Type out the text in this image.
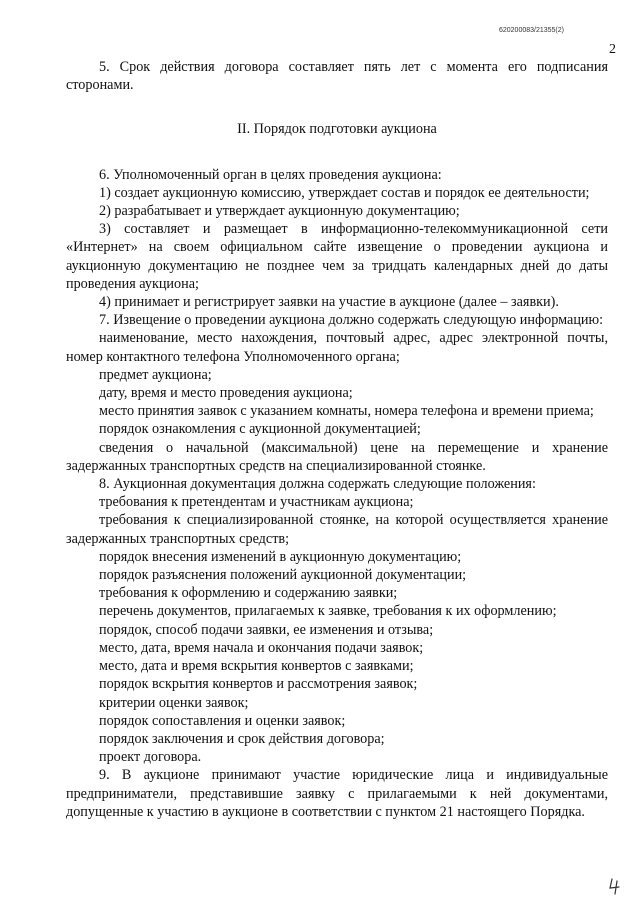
620200083/21355(2)
2

5. Срок действия договора составляет пять лет с момента его подписания сторонами.

II. Порядок подготовки аукциона

6. Уполномоченный орган в целях проведения аукциона:

1) создает аукционную комиссию, утверждает состав и порядок ее деятельности;

2) разрабатывает и утверждает аукционную документацию;

3) составляет и размещает в информационно-телекоммуникационной сети «Интернет» на своем официальном сайте извещение о проведении аукциона и аукционную документацию не позднее чем за тридцать календарных дней до даты проведения аукциона;

4) принимает и регистрирует заявки на участие в аукционе (далее – заявки).

7. Извещение о проведении аукциона должно содержать следующую информацию:

наименование, место нахождения, почтовый адрес, адрес электронной почты, номер контактного телефона Уполномоченного органа;

предмет аукциона;

дату, время и место проведения аукциона;

место принятия заявок с указанием комнаты, номера телефона и времени приема;

порядок ознакомления с аукционной документацией;

сведения о начальной (максимальной) цене на перемещение и хранение задержанных транспортных средств на специализированной стоянке.

8. Аукционная документация должна содержать следующие положения:

требования к претендентам и участникам аукциона;

требования к специализированной стоянке, на которой осуществляется хранение задержанных транспортных средств;

порядок внесения изменений в аукционную документацию;

порядок разъяснения положений аукционной документации;

требования к оформлению и содержанию заявки;

перечень документов, прилагаемых к заявке, требования к их оформлению;

порядок, способ подачи заявки, ее изменения и отзыва;

место, дата, время начала и окончания подачи заявок;

место, дата и время вскрытия конвертов с заявками;

порядок вскрытия конвертов и рассмотрения заявок;

критерии оценки заявок;

порядок сопоставления и оценки заявок;

порядок заключения и срок действия договора;

проект договора.

9. В аукционе принимают участие юридические лица и индивидуальные предприниматели, представившие заявку с прилагаемыми к ней документами, допущенные к участию в аукционе в соответствии с пунктом 21 настоящего Порядка.
